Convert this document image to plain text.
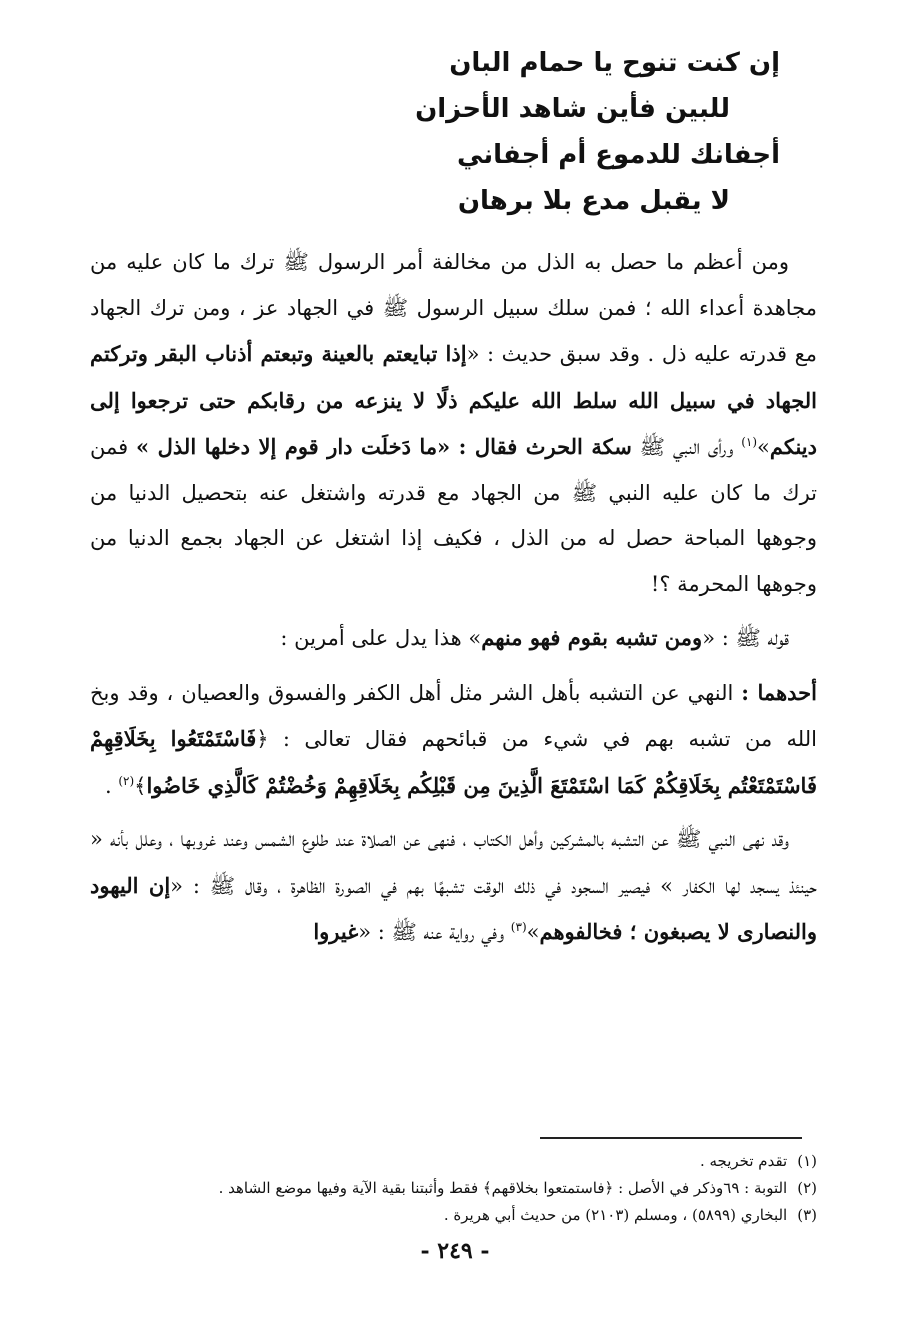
إن كنت تنوح يا حمام البان
للبين فأين شاهد الأحزان
أجفانك للدموع أم أجفاني
لا يقبل مدع بلا برهان

ومن أعظم ما حصل به الذل من مخالفة أمر الرسول ﷺ ترك ما كان عليه من مجاهدة أعداء الله ؛ فمن سلك سبيل الرسول ﷺ في الجهاد عز ، ومن ترك الجهاد مع قدرته عليه ذل . وقد سبق حديث : «إذا تبايعتم بالعينة وتبعتم أذناب البقر وتركتم الجهاد في سبيل الله سلط الله عليكم ذلًا لا ينزعه من رقابكم حتى ترجعوا إلى دينكم»$^{(١)}$ ورأى النبي ﷺ سكة الحرث فقال : «ما دَخلَت دار قوم إلا دخلها الذل » فمن ترك ما كان عليه النبي ﷺ من الجهاد مع قدرته واشتغل عنه بتحصيل الدنيا من وجوهها المباحة حصل له من الذل ، فكيف إذا اشتغل عن الجهاد بجمع الدنيا من وجوهها المحرمة ؟!

قوله ﷺ : «ومن تشبه بقوم فهو منهم» هذا يدل على أمرين :

أحدهما : النهي عن التشبه بأهل الشر مثل أهل الكفر والفسوق والعصيان ، وقد وبخ الله من تشبه بهم في شيء من قبائحهم فقال تعالى : ﴿فَاسْتَمْتَعُوا بِخَلَاقِهِمْ فَاسْتَمْتَعْتُم بِخَلَاقِكُمْ كَمَا اسْتَمْتَعَ الَّذِينَ مِن قَبْلِكُم بِخَلَاقِهِمْ وَخُضْتُمْ كَالَّذِي خَاضُوا﴾$^{(٢)}$ .

وقد نهى النبي ﷺ عن التشبه بالمشركين وأهل الكتاب ، فنهى عن الصلاة عند طلوع الشمس وعند غروبها ، وعلل بأنه « حينئذ يسجد لها الكفار » فيصير السجود في ذلك الوقت تشبهًا بهم في الصورة الظاهرة ، وقال ﷺ : «إن اليهود والنصارى لا يصبغون ؛ فخالفوهم»$^{(٣)}$ وفي رواية عنه ﷺ : «غيروا

(١)تقدم تخريجه .
(٢)التوبة : ٦٩وذكر في الأصل : ﴿فاستمتعوا بخلاقهم﴾ فقط وأثبتنا بقية الآية وفيها موضع الشاهد .
(٣)البخاري (٥٨٩٩) ، ومسلم (٢١٠٣) من حديث أبي هريرة .
- ٢٤٩ -
